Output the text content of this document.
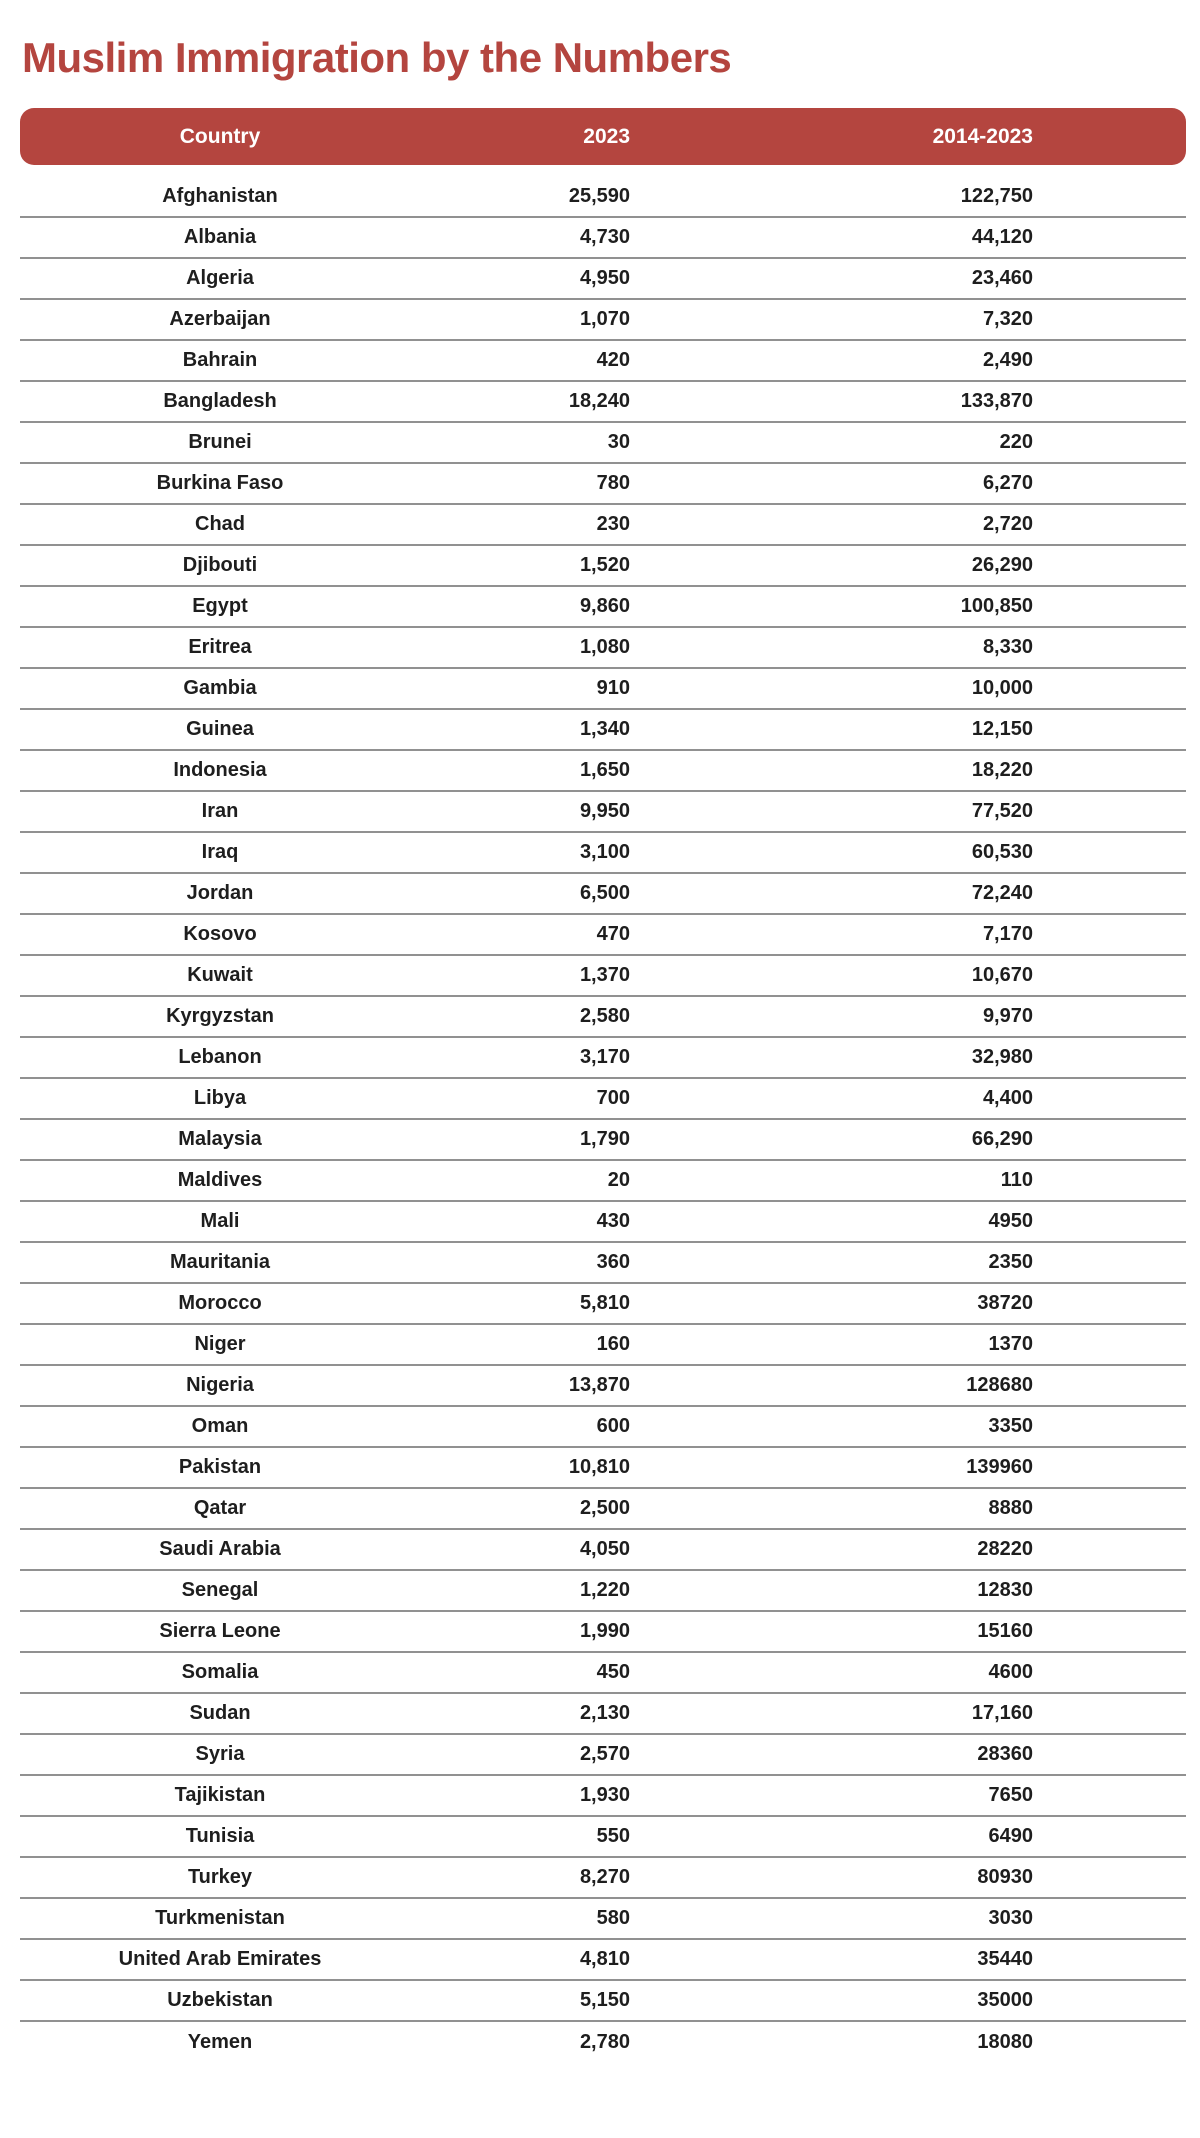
Muslim Immigration by the Numbers
Country	2023	2014-2023
Afghanistan	25,590	122,750
Albania	4,730	44,120
Algeria	4,950	23,460
Azerbaijan	1,070	7,320
Bahrain	420	2,490
Bangladesh	18,240	133,870
Brunei	30	220
Burkina Faso	780	6,270
Chad	230	2,720
Djibouti	1,520	26,290
Egypt	9,860	100,850
Eritrea	1,080	8,330
Gambia	910	10,000
Guinea	1,340	12,150
Indonesia	1,650	18,220
Iran	9,950	77,520
Iraq	3,100	60,530
Jordan	6,500	72,240
Kosovo	470	7,170
Kuwait	1,370	10,670
Kyrgyzstan	2,580	9,970
Lebanon	3,170	32,980
Libya	700	4,400
Malaysia	1,790	66,290
Maldives	20	110
Mali	430	4950
Mauritania	360	2350
Morocco	5,810	38720
Niger	160	1370
Nigeria	13,870	128680
Oman	600	3350
Pakistan	10,810	139960
Qatar	2,500	8880
Saudi Arabia	4,050	28220
Senegal	1,220	12830
Sierra Leone	1,990	15160
Somalia	450	4600
Sudan	2,130	17,160
Syria	2,570	28360
Tajikistan	1,930	7650
Tunisia	550	6490
Turkey	8,270	80930
Turkmenistan	580	3030
United Arab Emirates	4,810	35440
Uzbekistan	5,150	35000
Yemen	2,780	18080
